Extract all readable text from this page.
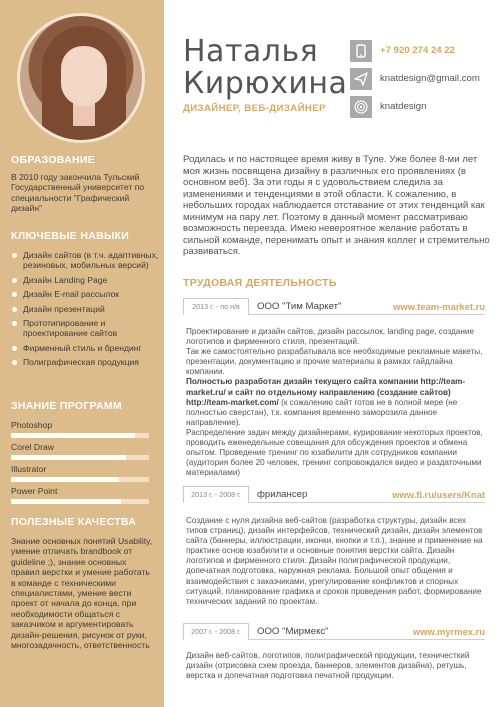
ОБРАЗОВАНИЕ
В 2010 году закончила Тульский Государственный университет по специальности "Графический дизайн"
КЛЮЧЕВЫЕ НАВЫКИ
Дизайн сайтов (в т.ч. адаптивных, резиновых, мобильных версий)
Дизайн Landing Page
Дизайн E-mail рассылок
Дизайн презентаций
Прототипирование и проектирование сайтов
Фирменный стиль и брендинг
Полиграфическая продукция
ЗНАНИЕ ПРОГРАММ
Photoshop
Corel Draw
Illustrator
Power Point
ПОЛЕЗНЫЕ КАЧЕСТВА
Знание основных понятий Usability, умение отличать brandbook от guideline ;), знание основных правил верстки и умение работать в команде с техническими специалистами, умение вести проект от начала до конца, при необходимости общаться с заказчиком и аргументировать дизайн-решения, рисунок от руки, многозадачность, ответственность
Наталья
Кирюхина
ДИЗАЙНЕР, ВЕБ-ДИЗАЙНЕР
+7 920 274 24 22
knatdesign@gmail.com
knatdesign
Родилась и по настоящее время живу в Туле. Уже более 8-ми лет моя жизнь посвящена дизайну в различных его проявлениях (в основном веб). За эти годы я с удовольствием следила за изменениями и тенденциями в этой области. К сожалению, в небольших городах наблюдается отставание от этих тенденций как минимум на пару лет. Поэтому в данный момент рассматриваю возможность переезда. Имею невероятное желание работать в сильной команде, перенимать опыт и знания коллег и стремительно развиваться.
ТРУДОВАЯ ДЕЯТЕЛЬНОСТЬ
2013 г. - по н/в	ООО "Тим Маркет"	www.team-market.ru
Проектирование и дизайн сайтов, дизайн рассылок, landing page, создание логотипов и фирменного стиля, презентаций.
Так же самостоятельно разрабатывала все необходимые рекламные макеты, презентации, документацию и прочие материалы в рамках гайдлайна компании.
Полностью разработан дизайн текущего сайта компании http://team-market.ru/ и сайт по отдельному направлению (создание сайтов) http://team-market.com/ (к сожалению сайт готов не в полной мере (не полностью сверстан), т.к. компания временно заморозила данное направление).
Распределение задач между дизайнерами, курирование некоторых проектов, проводить еженедельные совещания для обсуждения проектов и обмена опытом. Проведение тренинг по юзабилити для сотрудников компании (аудитория более 20 человек, тренинг сопровождался видео и раздаточными материалами)
2013 г. - 2008 г.	фрилансер	www.fl.ru/users/Knat
Создание с нуля дизайна веб-сайтов (разработка структуры, дизайн всех типов страниц), дизайн интерфейсов, технический дизайн, дизайн элементов сайта (баннеры, иллюстрации, иконки, кнопки и т.п.), знание и применение на практике основ юзабилити и основные понятия верстки сайта. Дизайн логотипов и фирменного стиля. Дизайн полиграфической продукции, допечатная подготовка, наружная реклама. Большой опыт общения и взаимодействия с заказчиками, урегулирование конфликтов и спорных ситуаций, планирование графика и сроков проведения работ, формирование технических заданий по проектам.
2007 г. - 2008 г.	ООО "Мирмекс"	www.myrmex.ru
Дизайн веб-сайтов, логотипов, полиграфической продукции, техничесткий дизайн (отрисовка схем проезда, баннеров, элементов дизайна), ретушь, верстка и допечатная подготовка печатной продукции.
